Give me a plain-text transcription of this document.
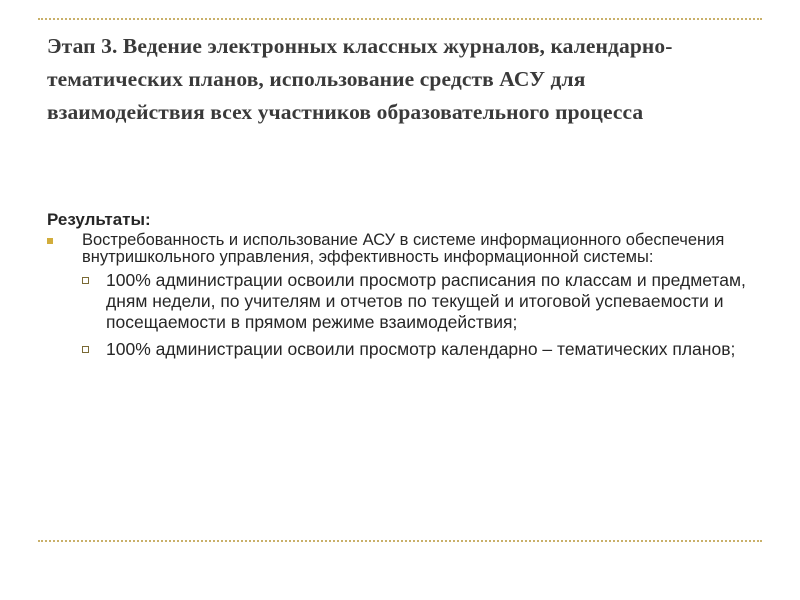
Этап 3. Ведение электронных классных журналов, календарно-тематических планов, использование средств АСУ для взаимодействия всех участников образовательного процесса
Результаты:
Востребованность и использование АСУ в системе информационного обеспечения внутришкольного управления, эффективность информационной системы:
100% администрации освоили просмотр расписания по классам и предметам, дням недели, по учителям и отчетов по текущей и итоговой успеваемости и посещаемости в прямом режиме взаимодействия;
100% администрации освоили просмотр календарно – тематических планов;
